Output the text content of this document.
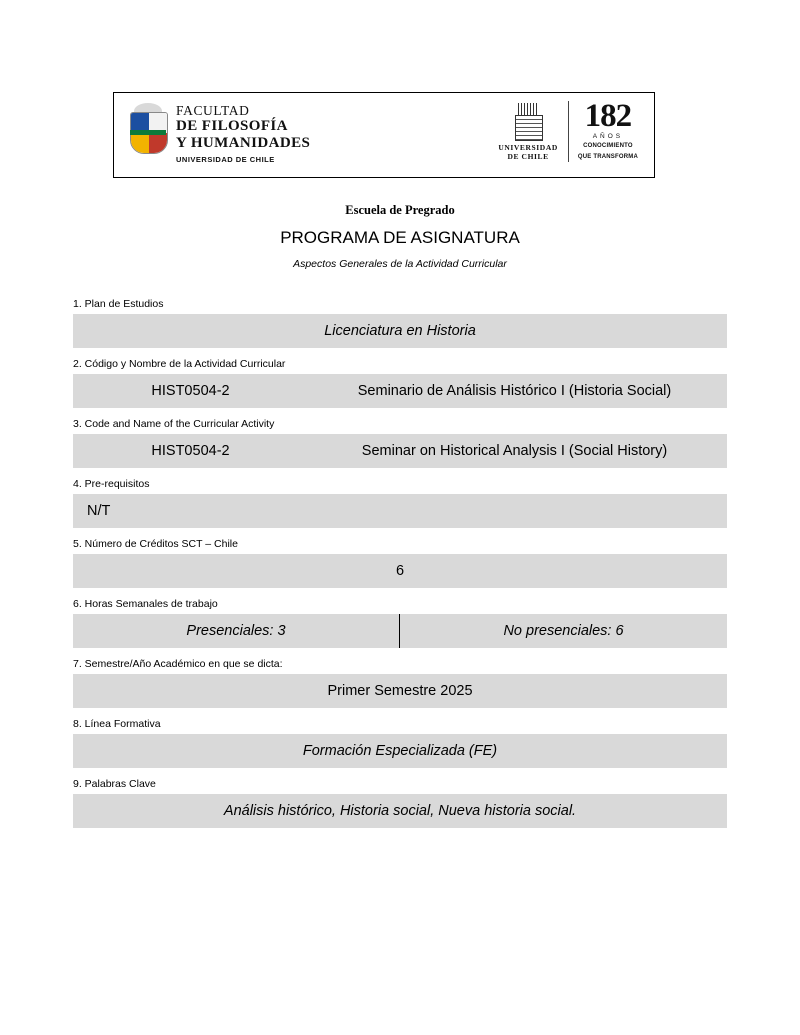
FACULTAD
DE FILOSOFÍA
Y HUMANIDADES
UNIVERSIDAD DE CHILE
UNIVERSIDAD
DE CHILE
182
AÑOS
CONOCIMIENTO
QUE TRANSFORMA
Escuela de Pregrado
PROGRAMA DE ASIGNATURA
Aspectos Generales de la Actividad Curricular

1. Plan de Estudios

Licenciatura en Historia

2. Código y Nombre de la Actividad Curricular

HIST0504-2	Seminario de Análisis Histórico I (Historia Social)

3. Code and Name of the Curricular Activity

HIST0504-2	Seminar on Historical Analysis I (Social History)

4. Pre-requisitos

N/T

5. Número de Créditos SCT – Chile

6

6. Horas Semanales de trabajo

Presenciales: 3	No presenciales: 6

7. Semestre/Año Académico en que se dicta:

Primer Semestre 2025

8. Línea Formativa

Formación Especializada (FE)

9. Palabras Clave

Análisis histórico, Historia social, Nueva historia social.
